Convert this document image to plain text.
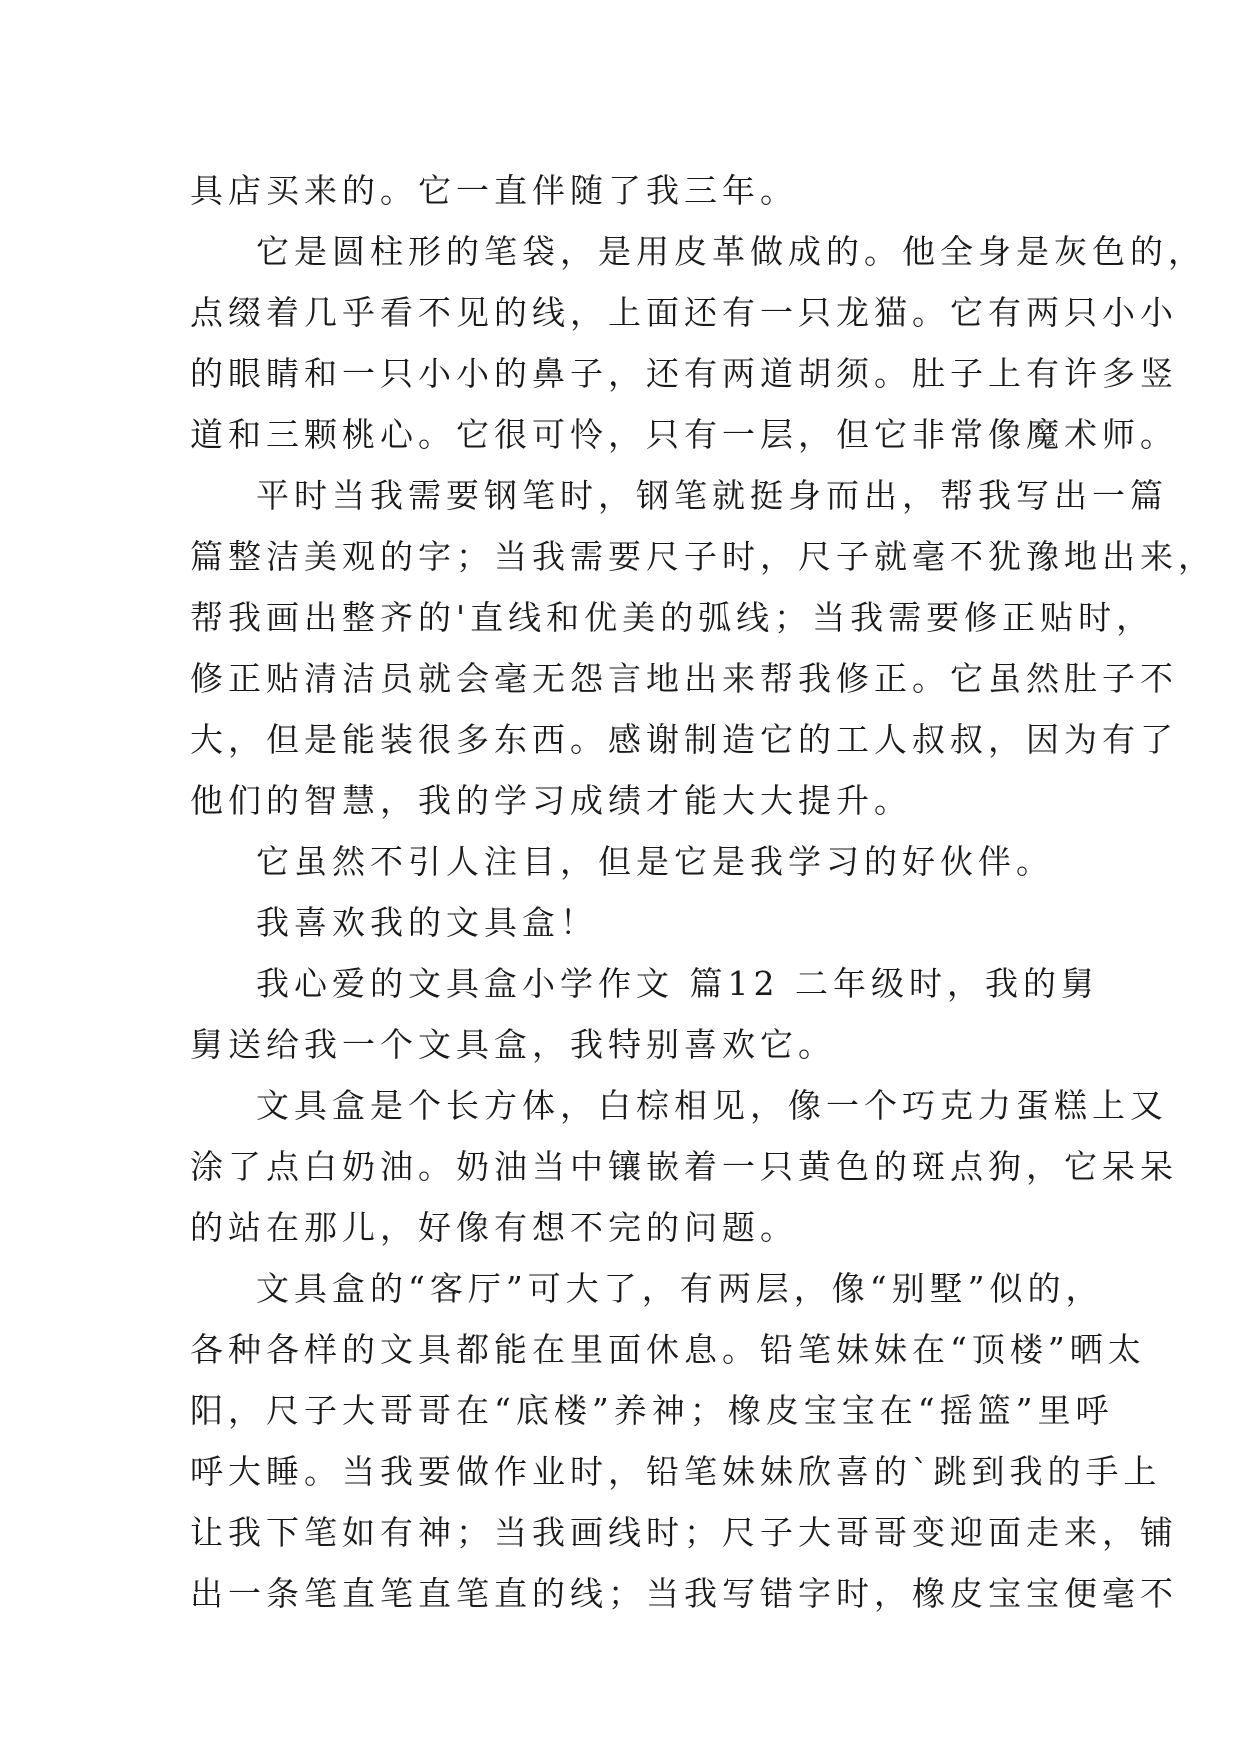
具店买来的。它一直伴随了我三年。
它是圆柱形的笔袋，是用皮革做成的。他全身是灰色的，
点缀着几乎看不见的线，上面还有一只龙猫。它有两只小小
的眼睛和一只小小的鼻子，还有两道胡须。肚子上有许多竖
道和三颗桃心。它很可怜，只有一层，但它非常像魔术师。
平时当我需要钢笔时，钢笔就挺身而出，帮我写出一篇
篇整洁美观的字；当我需要尺子时，尺子就毫不犹豫地出来，
帮我画出整齐的'直线和优美的弧线；当我需要修正贴时，
修正贴清洁员就会毫无怨言地出来帮我修正。它虽然肚子不
大，但是能装很多东西。感谢制造它的工人叔叔，因为有了
他们的智慧，我的学习成绩才能大大提升。
它虽然不引人注目，但是它是我学习的好伙伴。
我喜欢我的文具盒！
我心爱的文具盒小学作文 篇12 二年级时，我的舅
舅送给我一个文具盒，我特别喜欢它。
文具盒是个长方体，白棕相见，像一个巧克力蛋糕上又
涂了点白奶油。奶油当中镶嵌着一只黄色的斑点狗，它呆呆
的站在那儿，好像有想不完的问题。
文具盒的“客厅”可大了，有两层，像“别墅”似的，
各种各样的文具都能在里面休息。铅笔妹妹在“顶楼”晒太
阳，尺子大哥哥在“底楼”养神；橡皮宝宝在“摇篮”里呼
呼大睡。当我要做作业时，铅笔妹妹欣喜的`跳到我的手上
让我下笔如有神；当我画线时；尺子大哥哥变迎面走来，铺
出一条笔直笔直笔直的线；当我写错字时，橡皮宝宝便毫不
